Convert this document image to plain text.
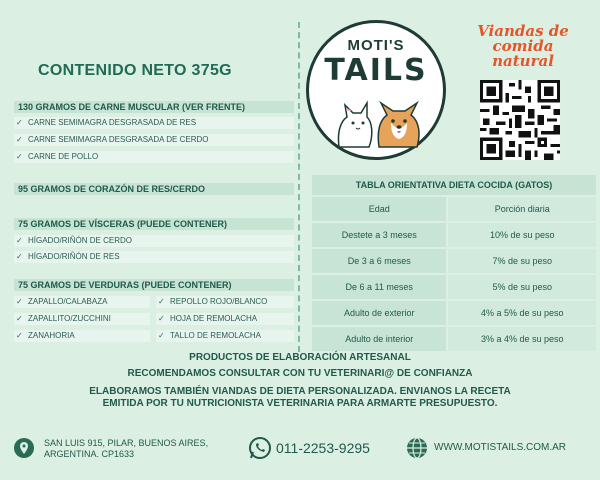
CONTENIDO NETO 375G
130 GRAMOS DE CARNE MUSCULAR (VER FRENTE)
✓ CARNE SEMIMAGRA DESGRASADA DE RES
✓ CARNE SEMIMAGRA DESGRASADA DE CERDO
✓ CARNE DE POLLO
95 GRAMOS DE CORAZÓN DE RES/CERDO
75 GRAMOS DE VÍSCERAS (PUEDE CONTENER)
✓ HÍGADO/RIÑÓN DE CERDO
✓ HÍGADO/RIÑÓN DE RES
75 GRAMOS DE VERDURAS (PUEDE CONTENER)
✓ ZAPALLO/CALABAZA
✓ ZAPALLITO/ZUCCHINI
✓ ZANAHORIA
✓ REPOLLO ROJO/BLANCO
✓ HOJA DE REMOLACHA
✓ TALLO DE REMOLACHA
MOTI'S
TAILS
Viandas de
comida
natural
TABLA ORIENTATIVA DIETA COCIDA (GATOS)	
Edad	Porción diaria
Destete a 3 meses	10% de su peso
De 3 a 6 meses	7% de su peso
De 6 a 11 meses	5% de su peso
Adulto de exterior	4% a 5% de su peso
Adulto de interior	3% a 4% de su peso
PRODUCTOS DE ELABORACIÓN ARTESANAL
RECOMENDAMOS CONSULTAR CON TU VETERINARI@ DE CONFIANZA
ELABORAMOS TAMBIÉN VIANDAS DE DIETA PERSONALIZADA. ENVIANOS LA RECETA
EMITIDA POR TU NUTRICIONISTA VETERINARIA PARA ARMARTE PRESUPUESTO.
SAN LUIS 915, PILAR, BUENOS AIRES,
ARGENTINA. CP1633	011-2253-9295	WWW.MOTISTAILS.COM.AR
